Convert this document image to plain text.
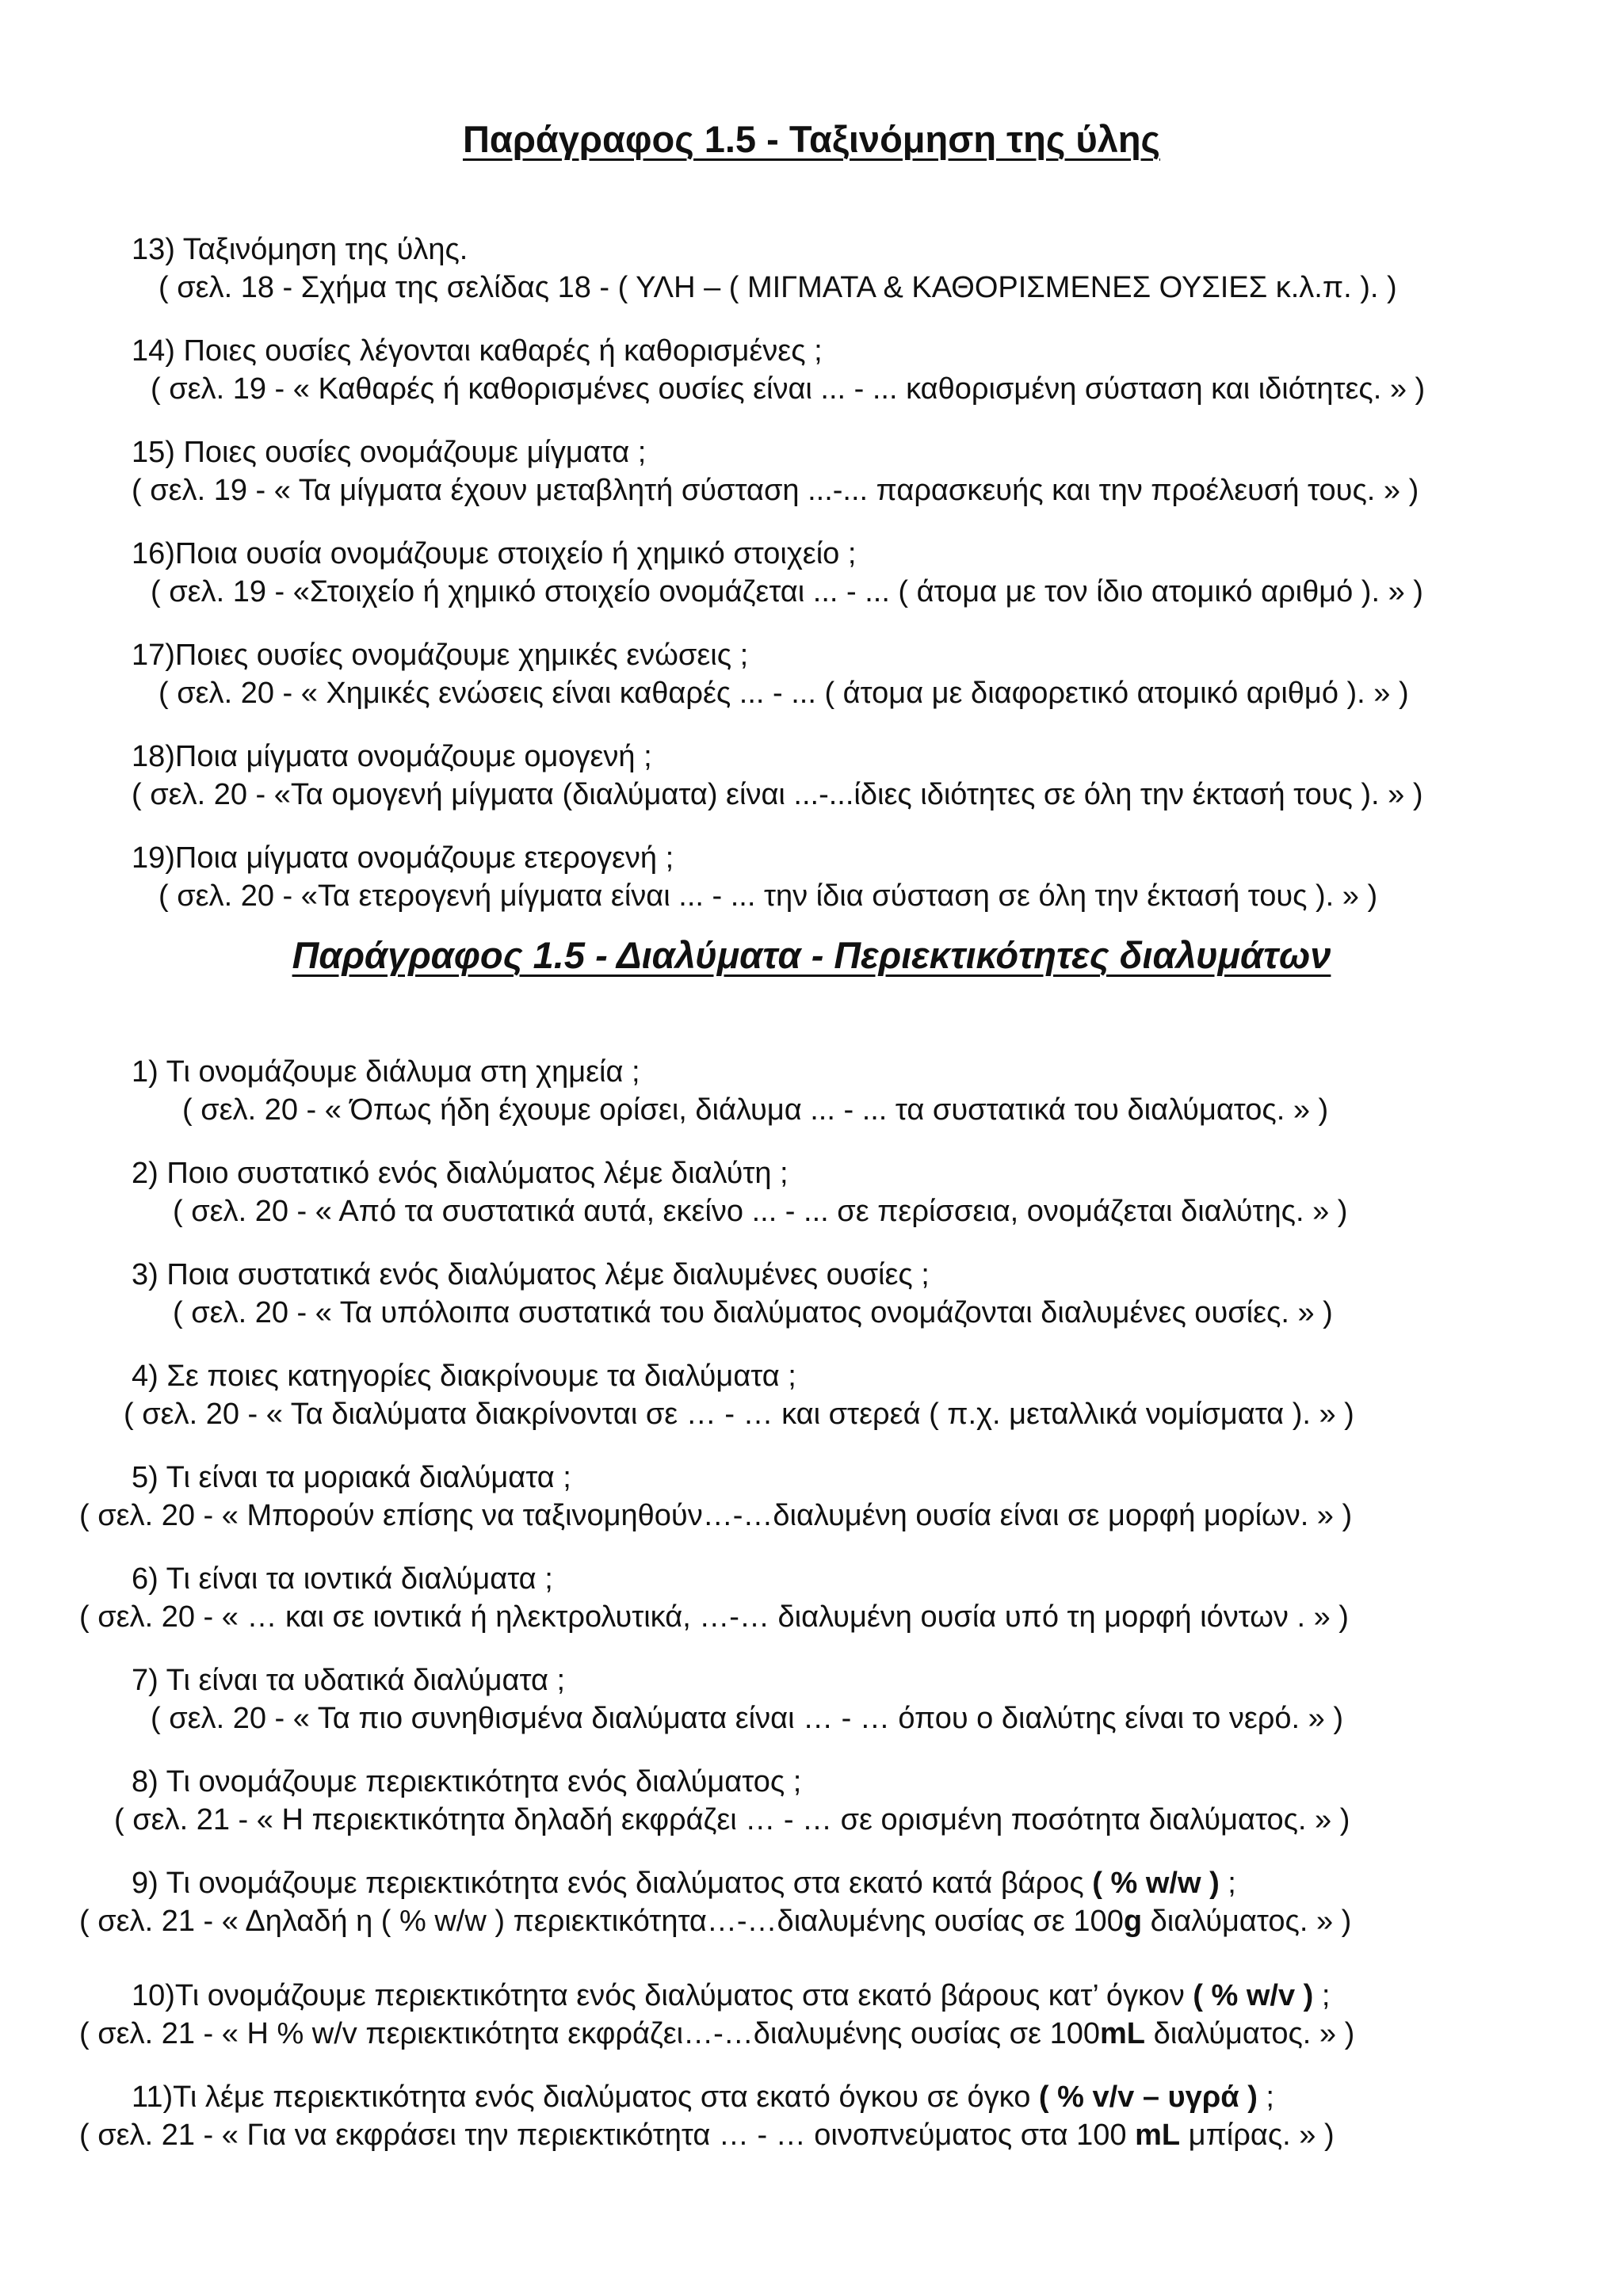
Παράγραφος 1.5 - Ταξινόμηση της ύλης
13) Ταξινόμηση της ύλης.
( σελ. 18 - Σχήμα της σελίδας 18 - ( ΥΛΗ – ( ΜΙΓΜΑΤΑ & ΚΑΘΟΡΙΣΜΕΝΕΣ ΟΥΣΙΕΣ κ.λ.π. ). )
14) Ποιες ουσίες λέγονται καθαρές ή καθορισμένες ;
( σελ. 19 - « Καθαρές ή καθορισμένες ουσίες είναι ... - ... καθορισμένη σύσταση και ιδιότητες. » )
15) Ποιες ουσίες ονομάζουμε μίγματα ;
( σελ. 19 - « Τα μίγματα έχουν μεταβλητή σύσταση ...-... παρασκευής και την προέλευσή τους. » )
16)Ποια ουσία ονομάζουμε στοιχείο ή χημικό στοιχείο ;
( σελ. 19 - «Στοιχείο ή χημικό στοιχείο ονομάζεται ... - ... ( άτομα με τον ίδιο ατομικό αριθμό ). » )
17)Ποιες ουσίες ονομάζουμε χημικές ενώσεις ;
( σελ. 20 - « Χημικές ενώσεις είναι καθαρές ... - ... ( άτομα με διαφορετικό ατομικό αριθμό ). » )
18)Ποια μίγματα ονομάζουμε ομογενή ;
( σελ. 20 - «Τα ομογενή μίγματα (διαλύματα) είναι ...-...ίδιες ιδιότητες σε όλη την έκτασή τους ). » )
19)Ποια μίγματα ονομάζουμε ετερογενή ;
( σελ. 20 - «Τα ετερογενή μίγματα είναι ... - ... την ίδια σύσταση σε όλη την έκτασή τους ). » )
Παράγραφος 1.5 - Διαλύματα - Περιεκτικότητες διαλυμάτων
1) Τι ονομάζουμε διάλυμα στη χημεία ;
( σελ. 20 - « Όπως ήδη έχουμε ορίσει, διάλυμα ... - ... τα συστατικά του διαλύματος. » )
2) Ποιο συστατικό ενός διαλύματος λέμε διαλύτη ;
( σελ. 20 - « Από τα συστατικά αυτά, εκείνο ... - ... σε περίσσεια, ονομάζεται διαλύτης. » )
3) Ποια συστατικά ενός διαλύματος λέμε διαλυμένες ουσίες ;
( σελ. 20 - « Τα υπόλοιπα συστατικά του διαλύματος ονομάζονται διαλυμένες ουσίες. » )
4) Σε ποιες κατηγορίες διακρίνουμε τα διαλύματα ;
( σελ. 20 - « Τα διαλύματα διακρίνονται σε … - … και στερεά ( π.χ. μεταλλικά νομίσματα ). » )
5) Τι είναι τα μοριακά διαλύματα ;
( σελ. 20 - « Μπορούν επίσης να ταξινομηθούν…-…διαλυμένη ουσία είναι σε μορφή μορίων. » )
6) Τι είναι τα ιοντικά διαλύματα ;
( σελ. 20 - « … και σε ιοντικά ή ηλεκτρολυτικά, …-… διαλυμένη ουσία υπό τη μορφή ιόντων . » )
7) Τι είναι τα υδατικά διαλύματα ;
( σελ. 20 - « Τα πιο συνηθισμένα διαλύματα είναι … - … όπου ο διαλύτης είναι το νερό. » )
8) Τι ονομάζουμε περιεκτικότητα ενός διαλύματος ;
( σελ. 21 - « Η περιεκτικότητα δηλαδή εκφράζει … - … σε ορισμένη ποσότητα διαλύματος. » )
9) Τι ονομάζουμε περιεκτικότητα ενός διαλύματος στα εκατό κατά βάρος ( % w/w ) ;
( σελ. 21 - « Δηλαδή η ( % w/w ) περιεκτικότητα…-…διαλυμένης ουσίας σε 100g διαλύματος. » )
10)Τι ονομάζουμε περιεκτικότητα ενός διαλύματος στα εκατό βάρους κατ’ όγκον ( % w/v ) ;
( σελ. 21 - « Η % w/v περιεκτικότητα εκφράζει…-…διαλυμένης ουσίας σε 100mL διαλύματος. » )
11)Τι λέμε περιεκτικότητα ενός διαλύματος στα εκατό όγκου σε όγκο ( % v/v – υγρά ) ;
( σελ. 21 - « Για να εκφράσει την περιεκτικότητα … - … οινοπνεύματος στα 100 mL μπίρας. » )
